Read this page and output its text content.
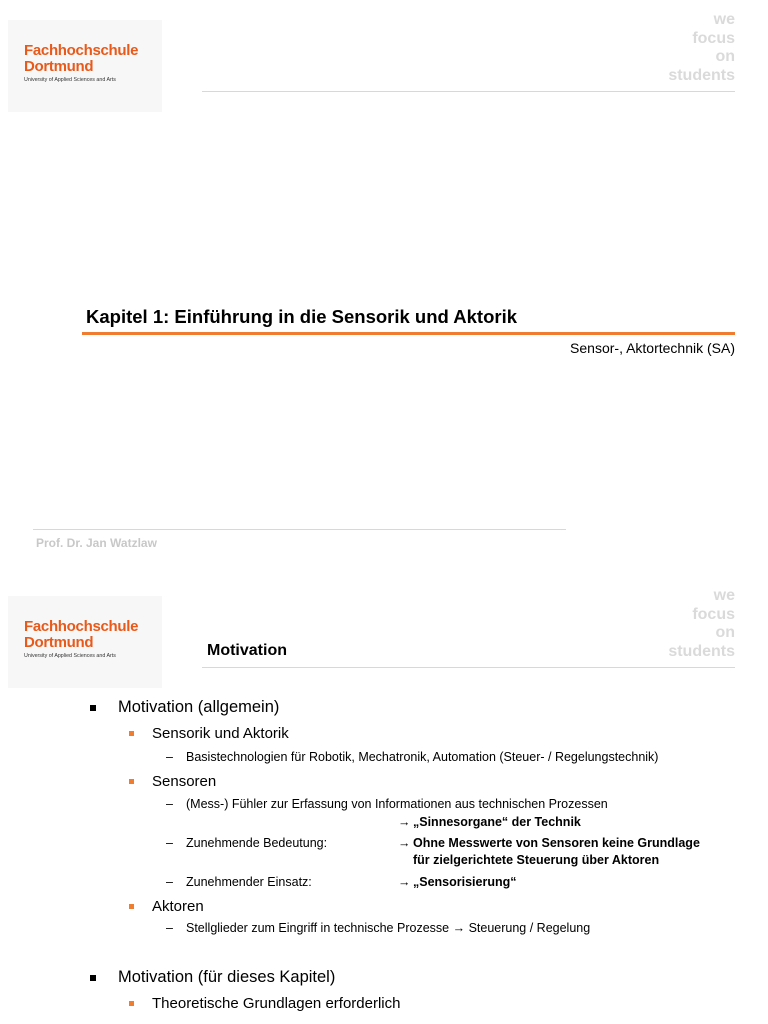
Fachhochschule
Dortmund
University of Applied Sciences and Arts
we
focus
on
students
Kapitel 1: Einführung in die Sensorik und Aktorik
Sensor-, Aktortechnik (SA)
Prof. Dr. Jan Watzlaw
Fachhochschule
Dortmund
University of Applied Sciences and Arts
we
focus
on
students
Motivation
Motivation (allgemein)
Sensorik und Aktorik
– Basistechnologien für Robotik, Mechatronik, Automation (Steuer- / Regelungstechnik)
Sensoren
– (Mess-) Fühler zur Erfassung von Informationen aus technischen Prozessen
→ „Sinnesorgane“ der Technik
– Zunehmende Bedeutung:	→ Ohne Messwerte von Sensoren keine Grundlage
für zielgerichtete Steuerung über Aktoren
– Zunehmender Einsatz:	→ „Sensorisierung“
Aktoren
– Stellglieder zum Eingriff in technische Prozesse → Steuerung / Regelung
Motivation (für dieses Kapitel)
Theoretische Grundlagen erforderlich
